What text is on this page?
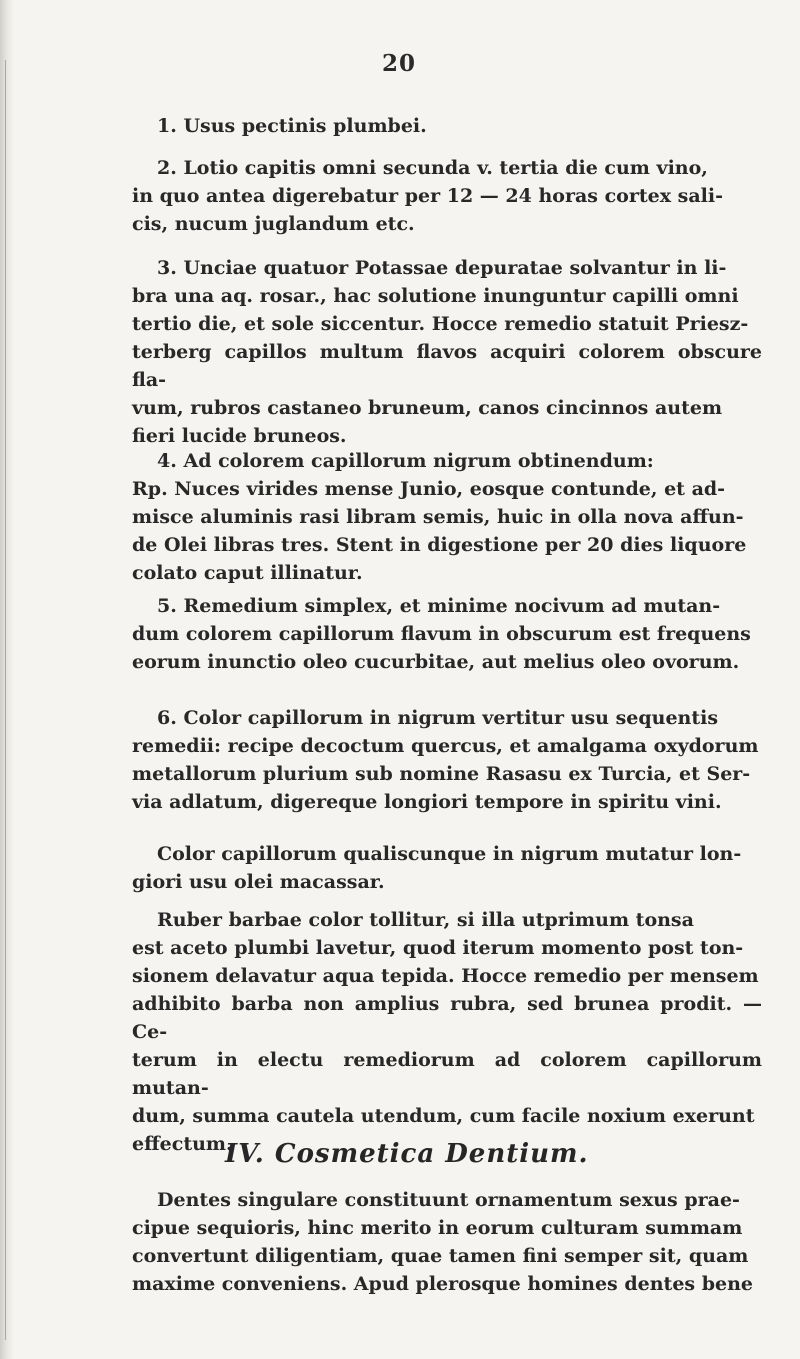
20

1. Usus pectinis plumbei.

2. Lotio capitis omni secunda v. tertia die cum vino,
in quo antea digerebatur per 12 — 24 horas cortex sali-
cis, nucum juglandum etc.

3. Unciae quatuor Potassae depuratae solvantur in li-
bra una aq. rosar., hac solutione inunguntur capilli omni
tertio die, et sole siccentur. Hocce remedio statuit Priesz-
terberg capillos multum flavos acquiri colorem obscure fla-
vum, rubros castaneo bruneum, canos cincinnos autem
fieri lucide bruneos.

4. Ad colorem capillorum nigrum obtinendum:
Rp. Nuces virides mense Junio, eosque contunde, et ad-
misce aluminis rasi libram semis, huic in olla nova affun-
de Olei libras tres. Stent in digestione per 20 dies liquore
colato caput illinatur.

5. Remedium simplex, et minime nocivum ad mutan-
dum colorem capillorum flavum in obscurum est frequens
eorum inunctio oleo cucurbitae, aut melius oleo ovorum.

6. Color capillorum in nigrum vertitur usu sequentis
remedii: recipe decoctum quercus, et amalgama oxydorum
metallorum plurium sub nomine Rasasu ex Turcia, et Ser-
via adlatum, digereque longiori tempore in spiritu vini.

Color capillorum qualiscunque in nigrum mutatur lon-
giori usu olei macassar.

Ruber barbae color tollitur, si illa utprimum tonsa
est aceto plumbi lavetur, quod iterum momento post ton-
sionem delavatur aqua tepida. Hocce remedio per mensem
adhibito barba non amplius rubra, sed brunea prodit. — Ce-
terum in electu remediorum ad colorem capillorum mutan-
dum, summa cautela utendum, cum facile noxium exerunt
effectum.

IV. Cosmetica Dentium.

Dentes singulare constituunt ornamentum sexus prae-
cipue sequioris, hinc merito in eorum culturam summam
convertunt diligentiam, quae tamen fini semper sit, quam
maxime conveniens. Apud plerosque homines dentes bene
